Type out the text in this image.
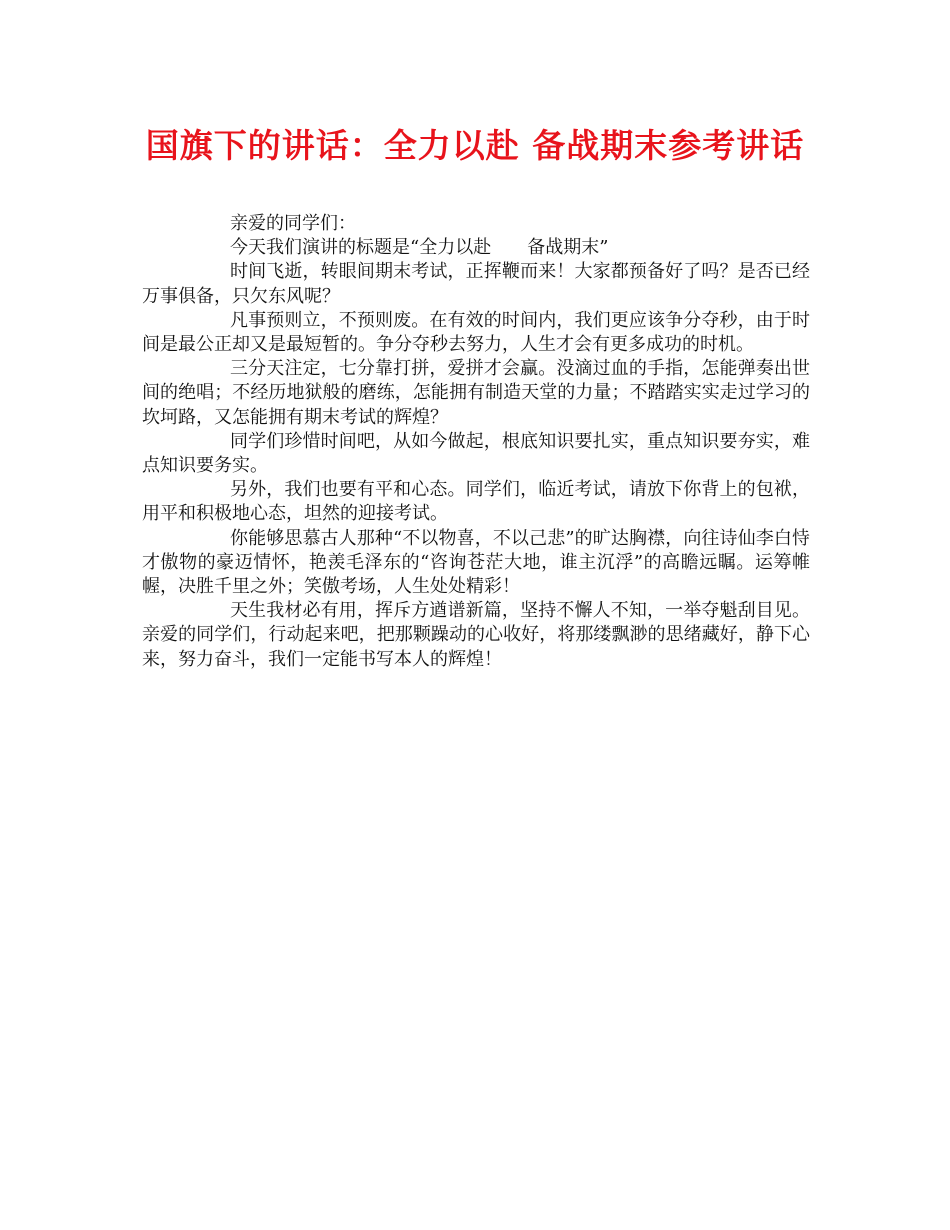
国旗下的讲话：全力以赴 备战期末参考讲话

亲爱的同学们：

今天我们演讲的标题是“全力以赴　　备战期末”

时间飞逝，转眼间期末考试，正挥鞭而来！大家都预备好了吗？是否已经万事俱备，只欠东风呢？

凡事预则立，不预则废。在有效的时间内，我们更应该争分夺秒，由于时间是最公正却又是最短暂的。争分夺秒去努力，人生才会有更多成功的时机。

三分天注定，七分靠打拼，爱拼才会赢。没滴过血的手指，怎能弹奏出世间的绝唱；不经历地狱般的磨练，怎能拥有制造天堂的力量；不踏踏实实走过学习的坎坷路，又怎能拥有期末考试的辉煌？

同学们珍惜时间吧，从如今做起，根底知识要扎实，重点知识要夯实，难点知识要务实。

另外，我们也要有平和心态。同学们，临近考试，请放下你背上的包袱，用平和积极地心态，坦然的迎接考试。

你能够思慕古人那种“不以物喜，不以己悲”的旷达胸襟，向往诗仙李白恃才傲物的豪迈情怀，艳羡毛泽东的“咨询苍茫大地，谁主沉浮”的高瞻远瞩。运筹帷幄，决胜千里之外；笑傲考场，人生处处精彩！

天生我材必有用，挥斥方遒谱新篇，坚持不懈人不知，一举夺魁刮目见。亲爱的同学们，行动起来吧，把那颗躁动的心收好，将那缕飘渺的思绪藏好，静下心来，努力奋斗，我们一定能书写本人的辉煌！
